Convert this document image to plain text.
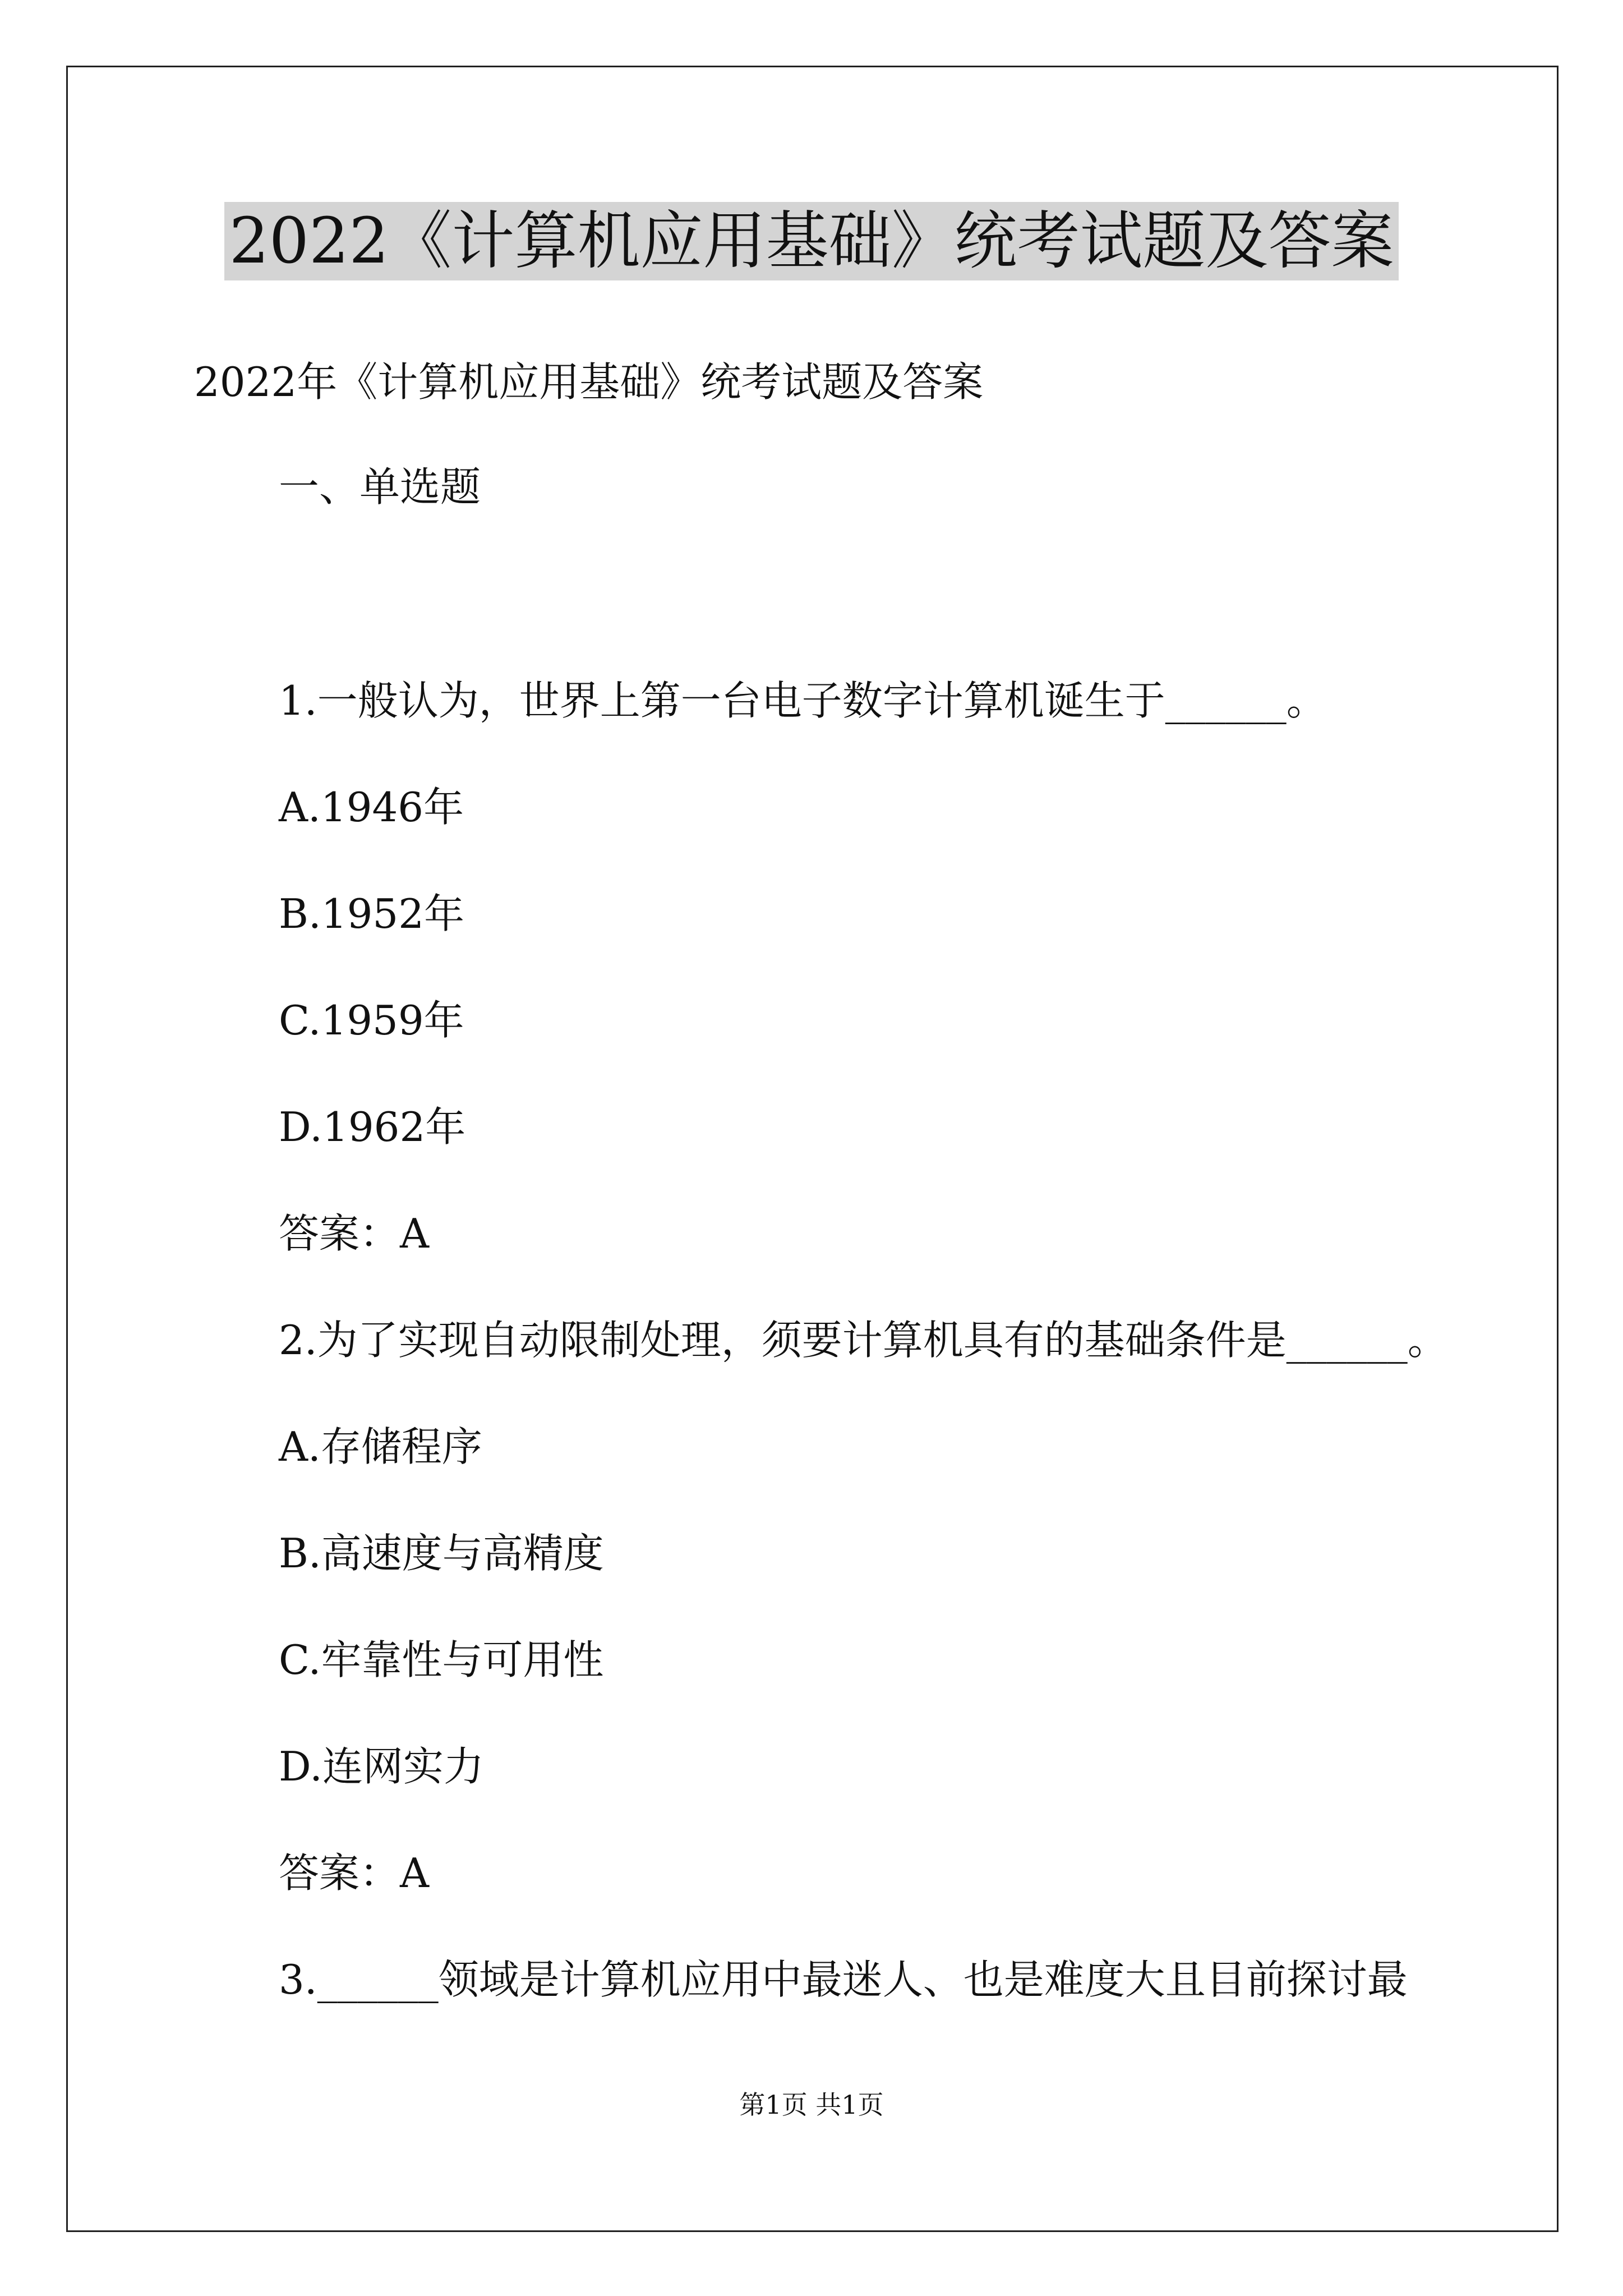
2022《计算机应用基础》统考试题及答案
2022年《计算机应用基础》统考试题及答案
一、单选题
1.一般认为，世界上第一台电子数字计算机诞生于______。
A.1946年
B.1952年
C.1959年
D.1962年
答案：A
2.为了实现自动限制处理，须要计算机具有的基础条件是______。
A.存储程序
B.高速度与高精度
C.牢靠性与可用性
D.连网实力
答案：A
3.______领域是计算机应用中最迷人、也是难度大且目前探讨最
第1页 共1页
